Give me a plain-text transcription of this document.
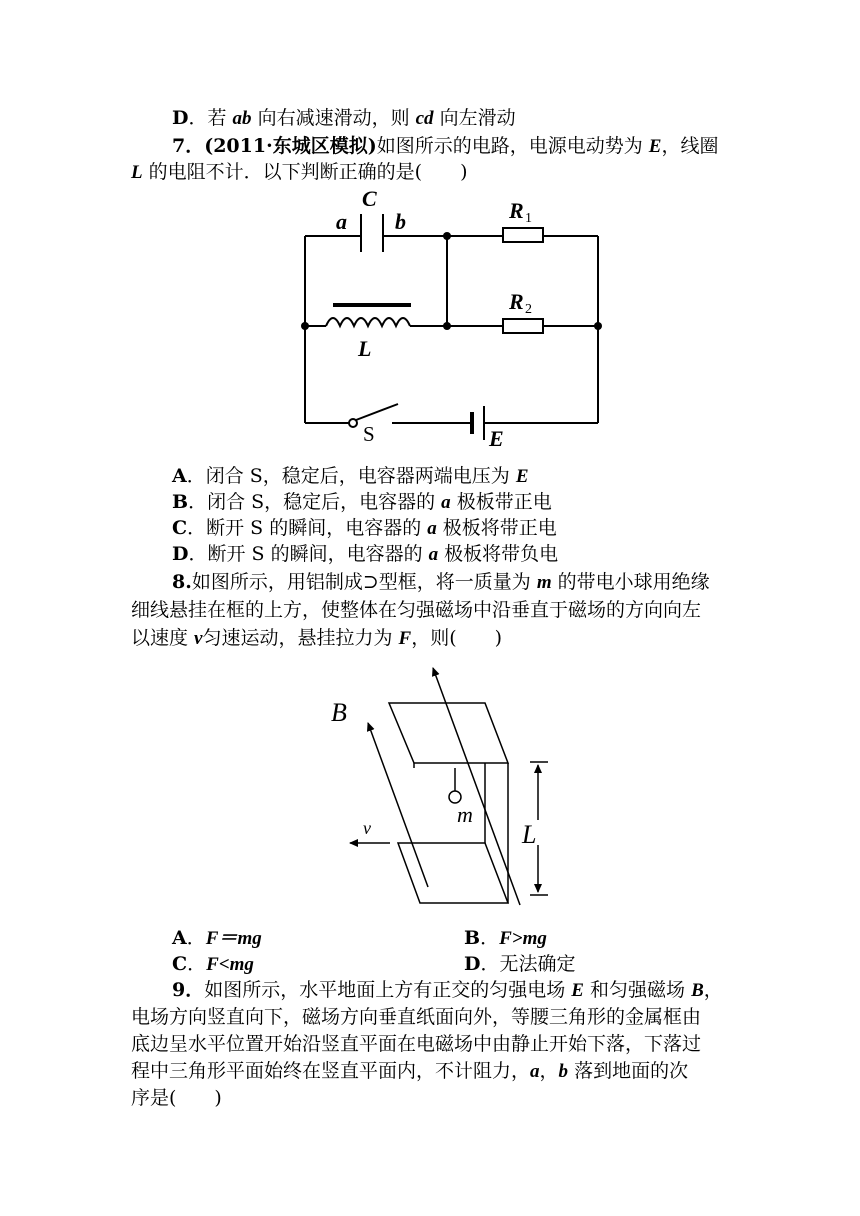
D．若 ab 向右减速滑动，则 cd 向左滑动
7．(2011·东城区模拟)如图所示的电路，电源电动势为 E，线圈
L 的电阻不计．以下判断正确的是(　　)
C
a b	R
R
L
E
1
2
S
A．闭合 S，稳定后，电容器两端电压为 E
B．闭合 S，稳定后，电容器的 a 极板带正电
C．断开 S 的瞬间，电容器的 a 极板将带正电
D．断开 S 的瞬间，电容器的 a 极板将带负电
8.如图所示，用铝制成⊃型框，将一质量为 m 的带电小球用绝缘
细线悬挂在框的上方，使整体在匀强磁场中沿垂直于磁场的方向向左
以速度 v匀速运动，悬挂拉力为 F，则(　　)
B
m
v	L
A．F＝mg	B．F>mg
C．F<mg	D．无法确定
9．如图所示，水平地面上方有正交的匀强电场 E 和匀强磁场 B，
电场方向竖直向下，磁场方向垂直纸面向外，等腰三角形的金属框由
底边呈水平位置开始沿竖直平面在电磁场中由静止开始下落，下落过
程中三角形平面始终在竖直平面内，不计阻力，a，b 落到地面的次
序是(　　)
